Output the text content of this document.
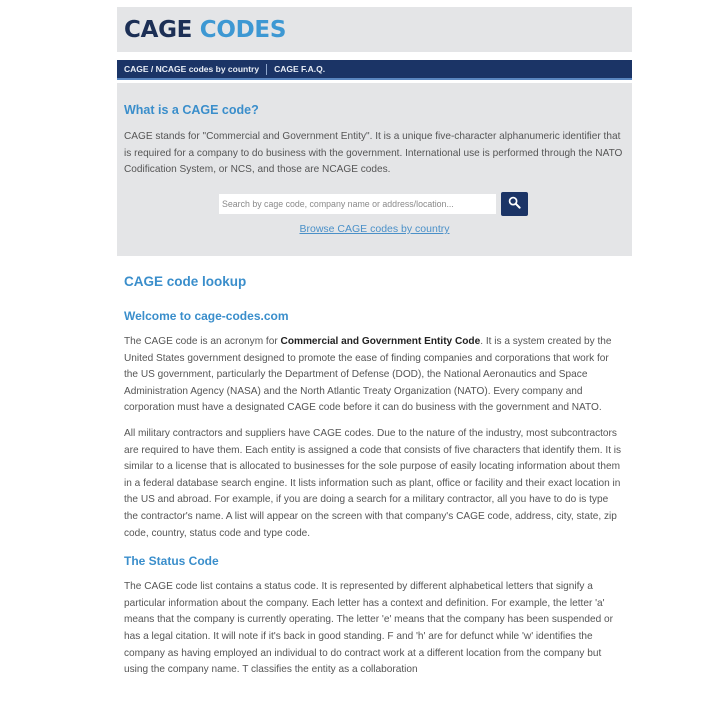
CAGE CODES
CAGE / NCAGE codes by country CAGE F.A.Q.
What is a CAGE code?

CAGE stands for "Commercial and Government Entity". It is a unique five-character alphanumeric identifier that is required for a company to do business with the government. International use is performed through the NATO Codification System, or NCS, and those are NCAGE codes.

Search by cage code, company name or address/location...
Browse CAGE codes by country
CAGE code lookup
Welcome to cage-codes.com

The CAGE code is an acronym for Commercial and Government Entity Code. It is a system created by the United States government designed to promote the ease of finding companies and corporations that work for the US government, particularly the Department of Defense (DOD), the National Aeronautics and Space Administration Agency (NASA) and the North Atlantic Treaty Organization (NATO). Every company and corporation must have a designated CAGE code before it can do business with the government and NATO.

All military contractors and suppliers have CAGE codes. Due to the nature of the industry, most subcontractors are required to have them. Each entity is assigned a code that consists of five characters that identify them. It is similar to a license that is allocated to businesses for the sole purpose of easily locating information about them in a federal database search engine. It lists information such as plant, office or facility and their exact location in the US and abroad. For example, if you are doing a search for a military contractor, all you have to do is type the contractor's name. A list will appear on the screen with that company's CAGE code, address, city, state, zip code, country, status code and type code.

The Status Code

The CAGE code list contains a status code. It is represented by different alphabetical letters that signify a particular information about the company. Each letter has a context and definition. For example, the letter 'a' means that the company is currently operating. The letter 'e' means that the company has been suspended or has a legal citation. It will note if it's back in good standing. F and 'h' are for defunct while 'w' identifies the company as having employed an individual to do contract work at a different location from the company but using the company name. T classifies the entity as a collaboration
